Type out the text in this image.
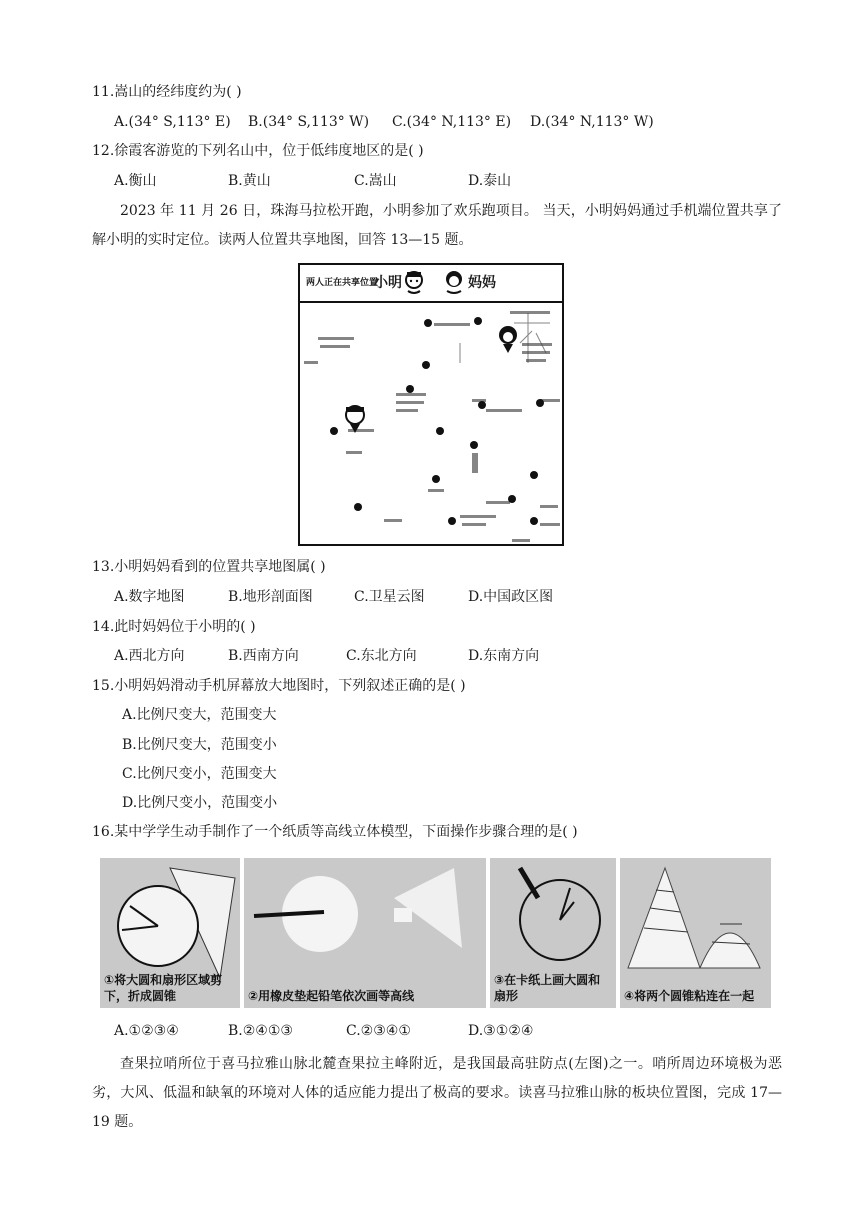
11.嵩山的经纬度约为( )
A.(34° S,113° E) B.(34° S,113° W) C.(34° N,113° E) D.(34° N,113° W)
12.徐霞客游览的下列名山中，位于低纬度地区的是( )
A.衡山	B.黄山	C.嵩山	D.泰山
2023 年 11 月 26 日，珠海马拉松开跑，小明参加了欢乐跑项目。 当天，小明妈妈通过手机端位置共享了解小明的实时定位。读两人位置共享地图，回答 13—15 题。
两人正在共享位置
小明	妈妈
13.小明妈妈看到的位置共享地图属( )
A.数字地图	B.地形剖面图	C.卫星云图	D.中国政区图
14.此时妈妈位于小明的( )
A.西北方向	B.西南方向	C.东北方向	D.东南方向
15.小明妈妈滑动手机屏幕放大地图时，下列叙述正确的是( )
A.比例尺变大，范围变大
B.比例尺变大，范围变小
C.比例尺变小，范围变大
D.比例尺变小，范围变小
16.某中学学生动手制作了一个纸质等高线立体模型，下面操作步骤合理的是( )
①将大圆和扇形区域剪下，折成圆锥	②用橡皮垫起铅笔依次画等高线
③在卡纸上画大圆和扇形	④将两个圆锥粘连在一起
A.①②③④	B.②④①③	C.②③④①	D.③①②④
查果拉哨所位于喜马拉雅山脉北麓查果拉主峰附近，是我国最高驻防点(左图)之一。哨所周边环境极为恶劣，大风、低温和缺氧的环境对人体的适应能力提出了极高的要求。读喜马拉雅山脉的板块位置图，完成 17—19 题。
